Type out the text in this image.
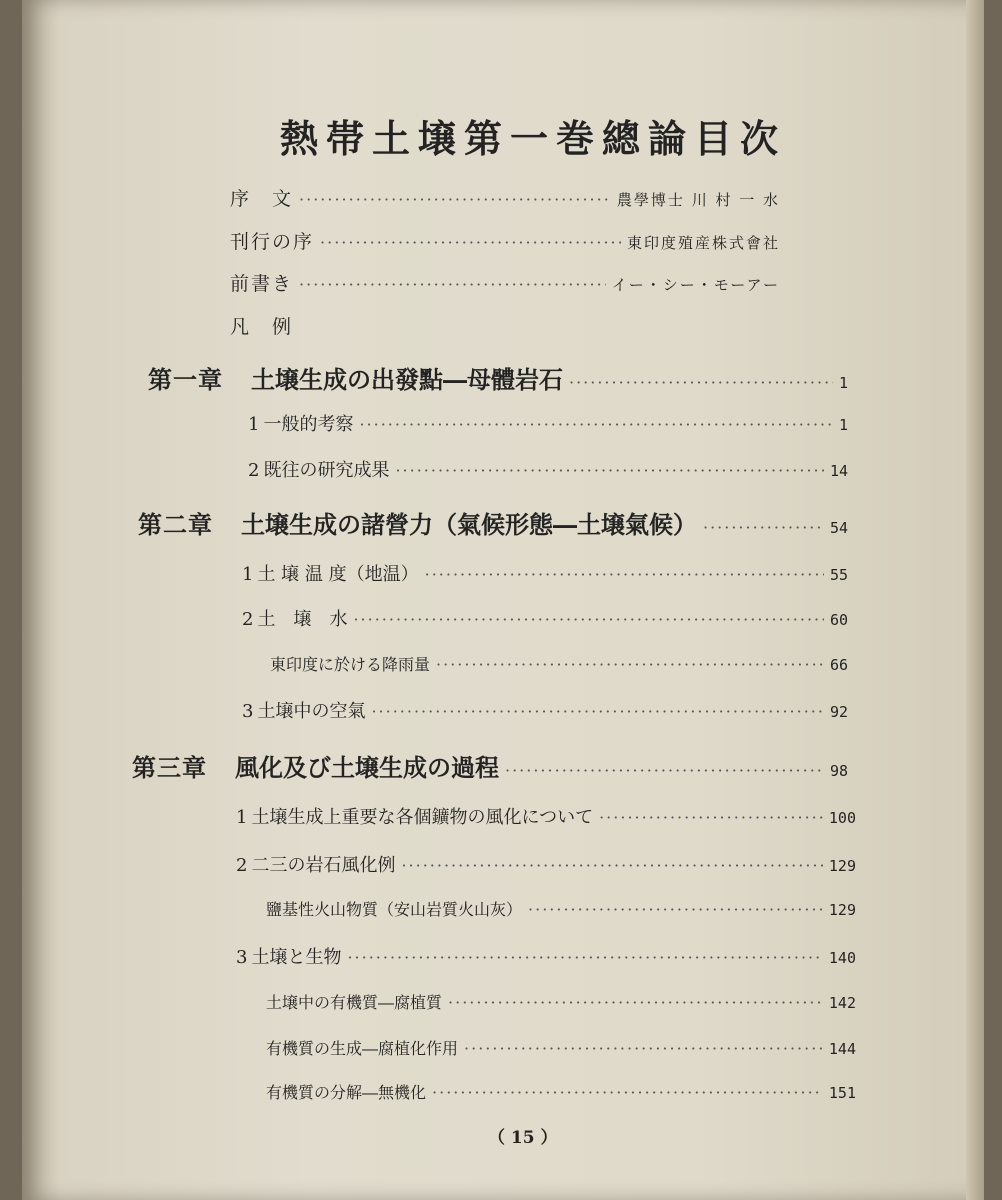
熱帯土壌第一巻總論目次
序　文 ·····	農學博士 川 村 一 水
刊行の序 ·····	東印度殖産株式會社
前書き ·····	イー・シー・モーアー
凡　例
第一章 土壌生成の出發點―母體岩石 ·····	1
1 一般的考察 ·····	1
2 既往の研究成果 ·····	14
第二章 土壌生成の諸營力（氣候形態―土壌氣候） ·····	54
1 土 壌 温 度（地温） ·····	55
2 土　壌　水 ·····	60
東印度に於ける降雨量 ·····	66
3 土壌中の空氣 ·····	92
第三章 風化及び土壌生成の過程 ·····	98
1 土壌生成上重要な各個鑛物の風化について ·····	100
2 二三の岩石風化例 ·····	129
鹽基性火山物質（安山岩質火山灰） ·····	129
3 土壌と生物 ·····	140
土壌中の有機質―腐植質 ·····	142
有機質の生成―腐植化作用 ·····	144
有機質の分解―無機化 ·····	151
（ 15 ）
